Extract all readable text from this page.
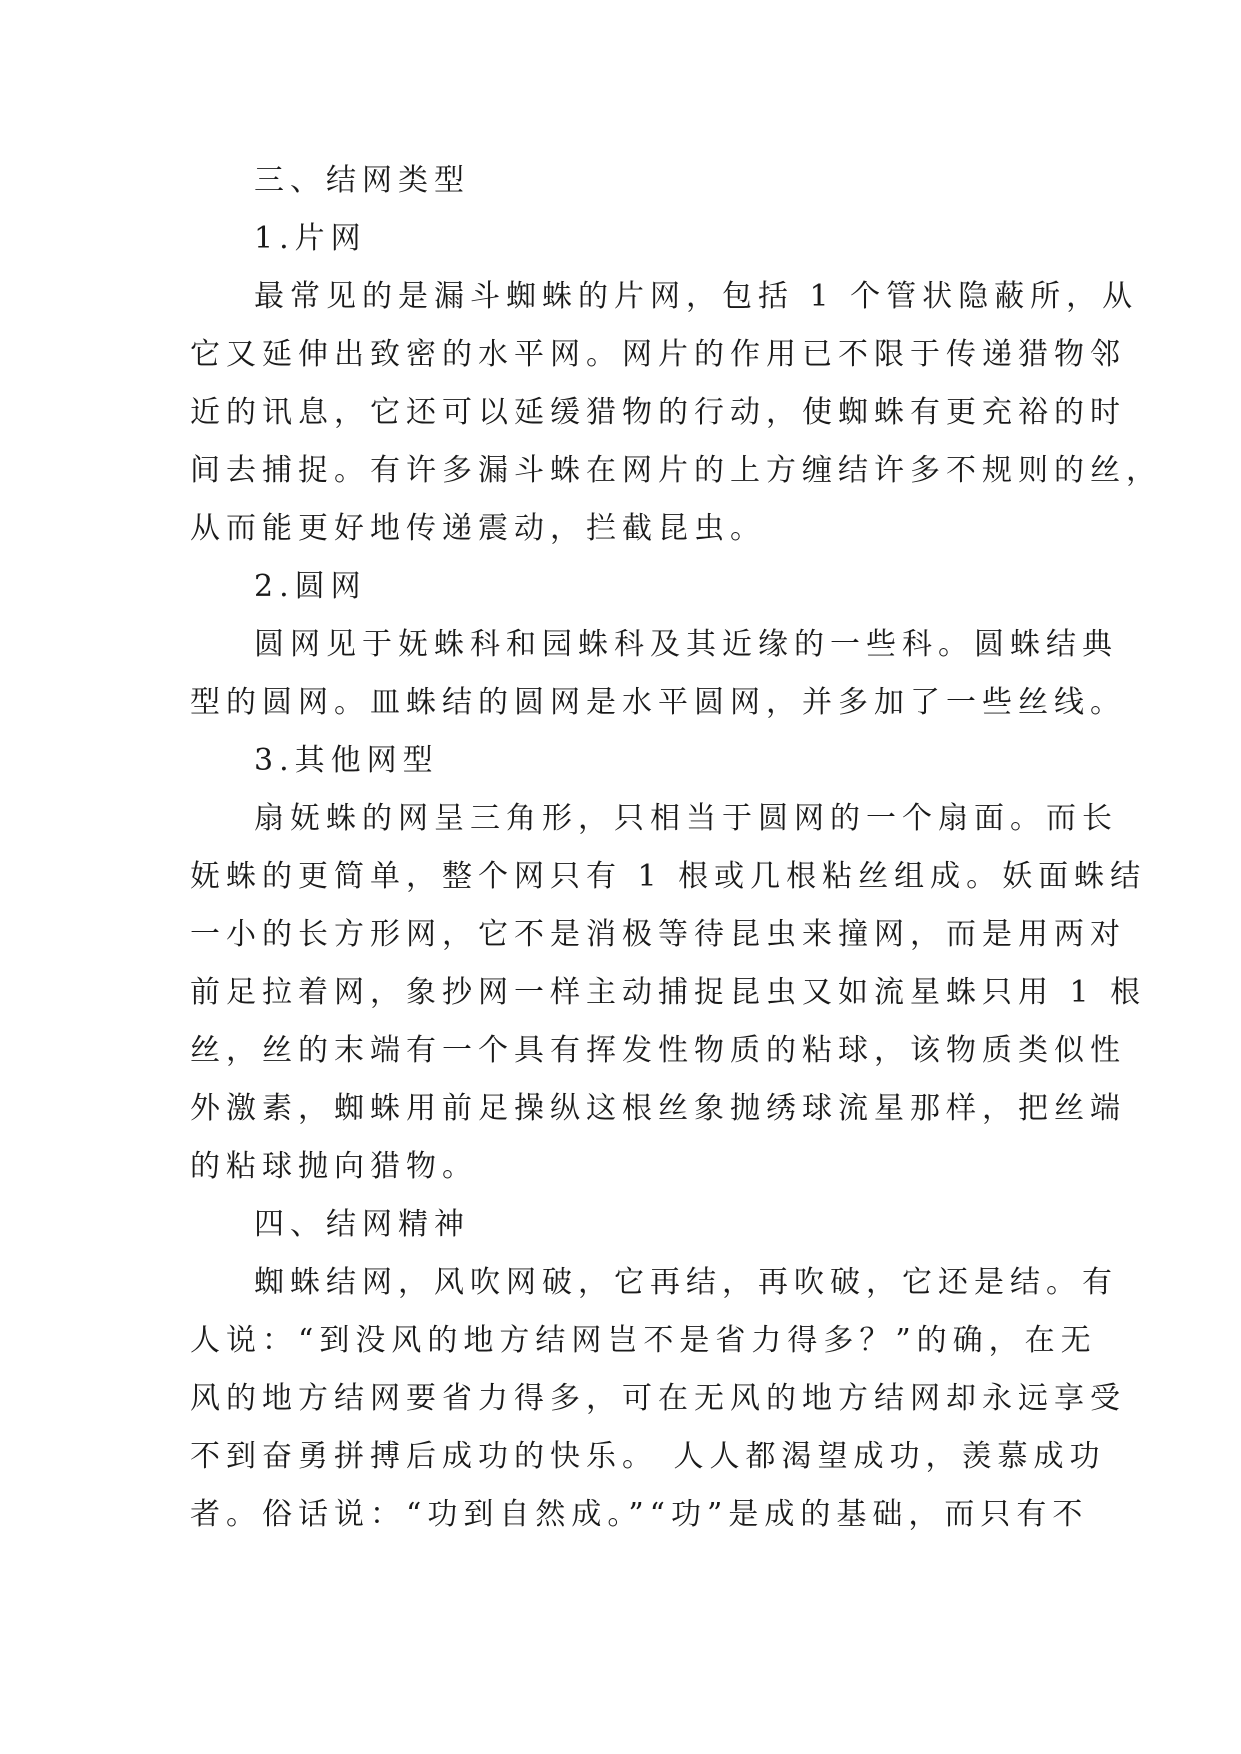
三、结网类型

1.片网

最常见的是漏斗蜘蛛的片网，包括 1 个管状隐蔽所，从

它又延伸出致密的水平网。网片的作用已不限于传递猎物邻

近的讯息，它还可以延缓猎物的行动，使蜘蛛有更充裕的时

间去捕捉。有许多漏斗蛛在网片的上方缠结许多不规则的丝，

从而能更好地传递震动，拦截昆虫。

2.圆网

圆网见于妩蛛科和园蛛科及其近缘的一些科。圆蛛结典

型的圆网。皿蛛结的圆网是水平圆网，并多加了一些丝线。

3.其他网型

扇妩蛛的网呈三角形，只相当于圆网的一个扇面。而长

妩蛛的更简单，整个网只有 1 根或几根粘丝组成。妖面蛛结

一小的长方形网，它不是消极等待昆虫来撞网，而是用两对

前足拉着网，象抄网一样主动捕捉昆虫又如流星蛛只用 1 根

丝，丝的末端有一个具有挥发性物质的粘球，该物质类似性

外激素，蜘蛛用前足操纵这根丝象抛绣球流星那样，把丝端

的粘球抛向猎物。

四、结网精神

蜘蛛结网，风吹网破，它再结，再吹破，它还是结。有

人说：“到没风的地方结网岂不是省力得多？”的确，在无

风的地方结网要省力得多，可在无风的地方结网却永远享受

不到奋勇拼搏后成功的快乐。 人人都渴望成功，羡慕成功

者。俗话说：“功到自然成。”“功”是成的基础，而只有不
